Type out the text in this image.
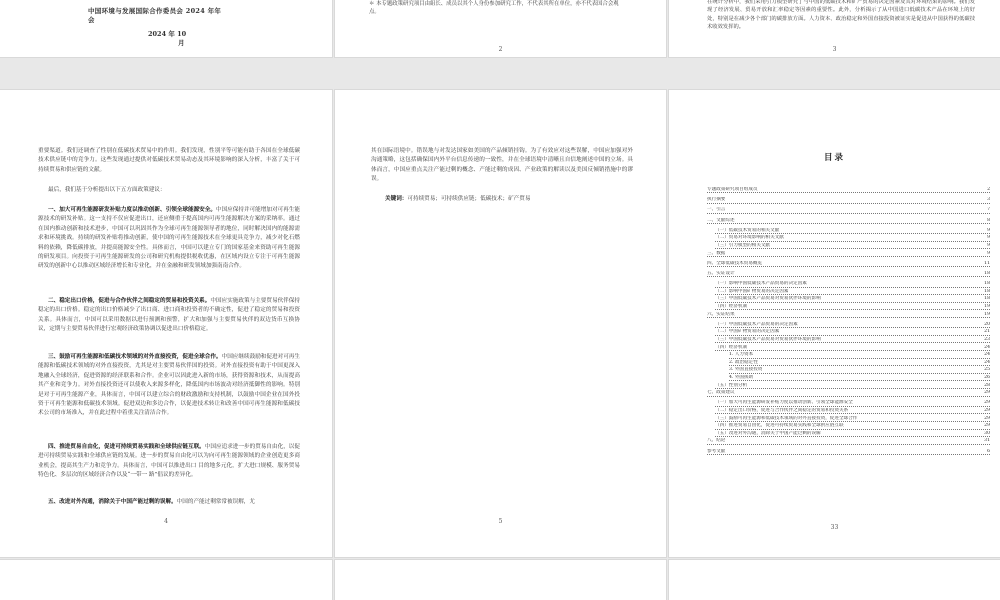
中国环境与发展国际合作委员会 2024 年年
会
2024 年 10
月
＊ 本专题政策研究项目由組长、成员以其个人身份参加研究工作，不代表其所在单位，亦不代表国合会观点。
2
在统计分析中，我们采用引力模型研究了与中国的低碳技术和矿产贸易的决定因素及其对环境结果的影响。我们发现了经济发展、贸易开放和汇率稳定等因素的重要性。此外，分析揭示了从中国进口低碳技术产品在环境上的好处，特别是在减少各个部门的碳排放方面。人力资本、政治稳定和外国直接投资被证实是促进从中国获得的低碳技术收效发挥的。
3
重要渠道。我们还调查了性别在低碳技术贸易中的作用。我们发现，性别平等可能有助于各国在全球低碳技术供应链中的竞争力。这些发现通过提供对低碳技术贸易动态及其环境影响的深入分析，丰富了关于可持续贸易和供应链的文献。
最后，我们基于分析提出以下五方面政策建议：
一、加大可再生能源研发补贴力度以推动创新、引领全球能源安全。中国应保持并可能增加对可再生能源技术的研发补贴。这一支持不仅应促进出口，还应侧重于提高国内可再生能源解决方案的采纳率。通过在国内推动创新和技术进步，中国可以巩固其作为全球可再生能源领导者的地位，同时解决国内的能源需求和环境挑战。持续的研发补贴将推动创新，使中国的可再生能源技术在全球更具竞争力，减少对化石燃料的依赖，降低碳排放，并提高能源安全性。具体而言，中国可以建立专门的国家基金来资助可再生能源的研发项目。向投资于可再生能源研发的公司和研究机构提供税收优惠，在区域内设立专注于可再生能源研发的创新中心以推动区域经济增长和专业化，并在金融和研发领域加强南南合作。
二、稳定出口价格，促进与合作伙伴之间稳定的贸易和投资关系。中国应实施政策与主要贸易伙伴保持稳定的出口价格。稳定的出口价格减少了出口商、进口商和投资者的不确定性，促进了稳定的贸易和投资关系。具体而言，中国可以采用数据以进行预测和预警，扩大和加强与主要贸易伙伴的双边货币互换协议，定期与主要贸易伙伴进行宏观经济政策协调以促进出口价格稳定。
三、鼓励可再生能源和低碳技术领域的对外直接投资，促进全球合作。中国应继续鼓励和促进对可再生能源和低碳技术领域的对外直接投资，尤其是对主要贸易伙伴国的投资。对外直接投资有助于中国更深入地融入全球经济，促进资源的经济联系和合作。企业可以因此进入新的市场，获得资源和技术，从而提高其产业和竞争力。对外直接投资还可以使收入来源多样化，降低国内市场波动对经济抵御性的影响。特别是对于可再生能源产业，具体而言，中国可以建立综合的财政激励和支持机制，以鼓励中国企业在国外投资于可再生能源和低碳技术领域。促进双边和多边合作，以促进技术转让和改善中国可再生能源和低碳技术公司的市场准入，并在此过程中着重关注清洁合作。
四、推进贸易自由化，促进可持续贸易实践和全球供应链互联。中国应追求进一步的贸易自由化，以促进可持续贸易实践和全球供应链的发展。进一步的贸易自由化可以为向可再生能源领域的企业创造更多商业机会，提高其生产力和竞争力。具体而言，中国可以推进出口 目的地多元化，扩大进口规模、服务贸易特色化、多层次的区域经济合作以及“一带一 路”倡议的差异化。
五、改进对外沟通，消除关于中国产能过剩的误解。中国的产能过剩常常被误解，尤
4
其在国际语境中。错误地与对发达国家如美国的产品倾销挂钩。为了有效应对这些误解，中国应加强对外沟通策略，这包括确保国内外平台信息传递的一致性，并在全球语境中清晰且自信地阐述中国的立场。具体而言，中国应重点关注产能过剩的概念、产能过剩的成因、产业政策的解读以及美国反倾销措施中的谬误。
关键词：可持续贸易；可持续供应链；低碳技术；矿产贸易
5
目录
专题政策研究项目组成员	2
执行摘要	3
一、引言	7
二、文献综述	8
（一）低碳技术贸易的相关文献	9
（二）贸易对环境影响的相关文献	9
（三）引力模型的相关文献	9
三、数据	9
四、全球低碳技术贸易概览	11
五、实证设计	18
（一）影响中国低碳技术产品贸易的决定因素	18
（二）影响中国矿物贸易的决定因素	18
（三）中国低碳技术产品贸易对贸易伙伴环境的影响	18
（四）经济机制	19
六、实证结果	19
（一）中国低碳技术产品贸易的决定因素	20
（二）中国矿物贸易的决定因素	21
（三）中国低碳技术产品贸易对贸易伙伴环境的影响	23
（四）经济机制	24
1. 人力资本	24
2. 政治稳定性	24
3. 外国直接投资	25
4. 外国援助	26
（五）性别分析	28
七、政策建议	29
（一）加大可再生能源研发补贴力度以推动创新、引领全球能源安全	29
（二）稳定出口价格，促进与合作伙伴之间稳定的贸易和投资关系	29
（三）鼓励可再生能源和低碳技术领域的对外直接投资，促进全球合作	29
（四）推进贸易自由化，促进可持续贸易实践和全球供应链互联	29
（五）改进对外沟通，消除关于中国产能过剩的误解	30
八、结论	31
参考文献	6
33
